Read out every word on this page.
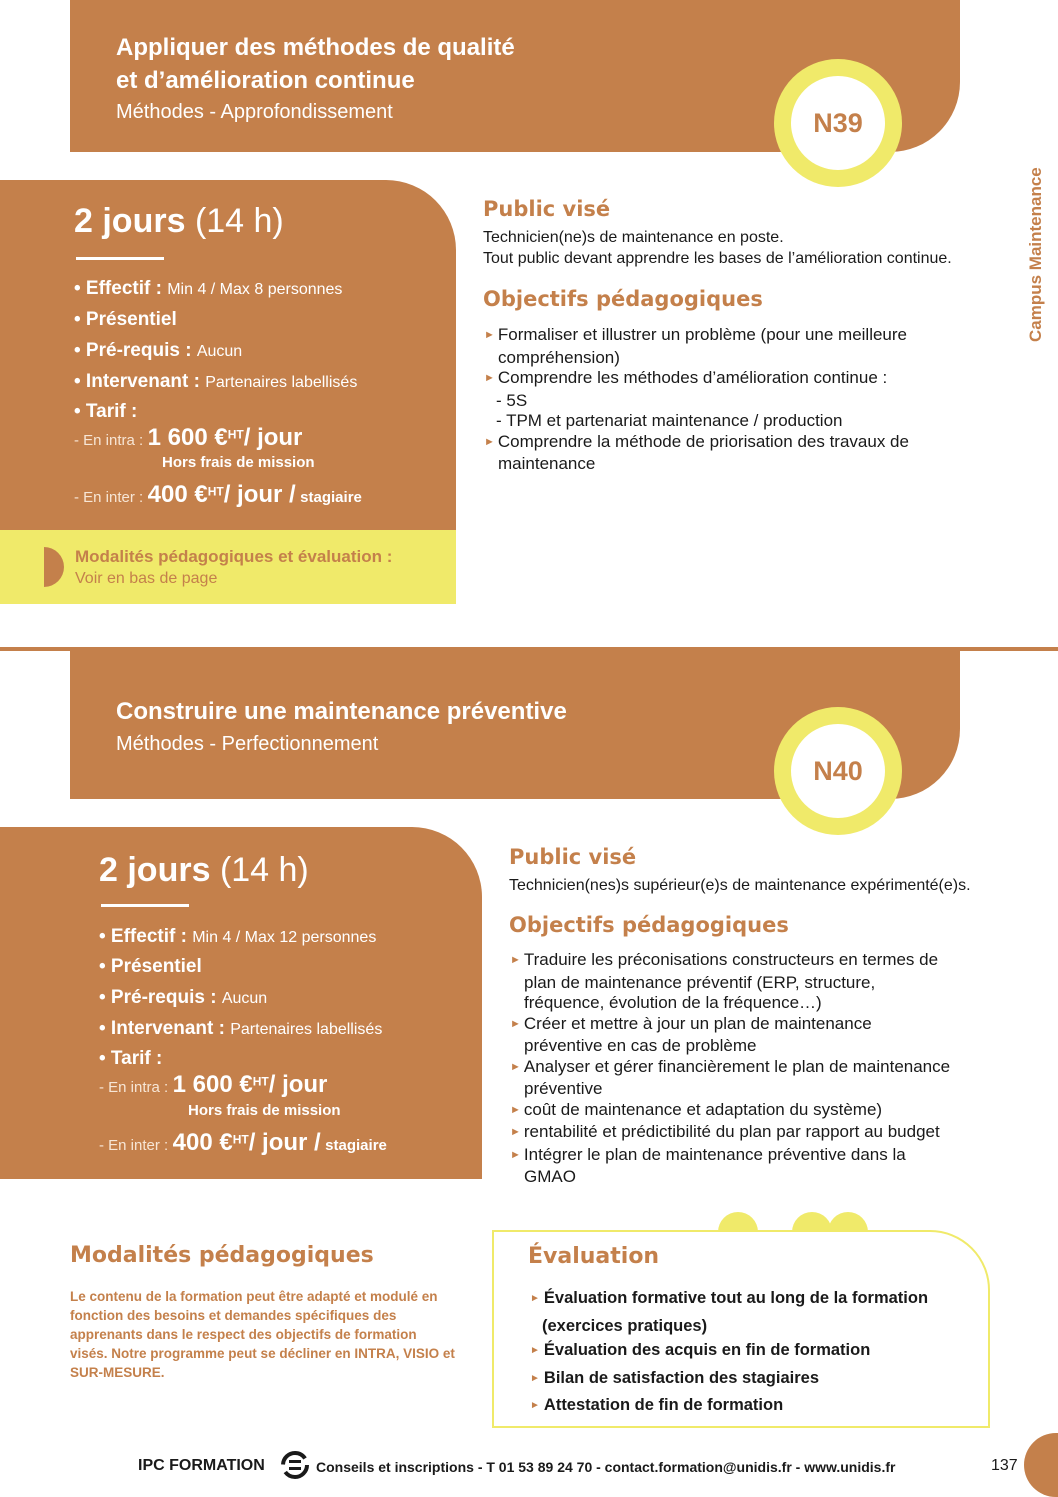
Appliquer des méthodes de qualité
et d’amélioration continue
Méthodes - Approfondissement	N39
Campus Maintenance
2 jours (14 h)
• Effectif : Min 4 / Max 8 personnes
• Présentiel
• Pré-requis : Aucun
• Intervenant : Partenaires labellisés
• Tarif :
- En intra : 1 600 €$^{HT}$/ jour
Hors frais de mission
- En inter : 400 €$^{HT}$/ jour / stagiaire
Modalités pédagogiques et évaluation :
Voir en bas de page
Public visé
Technicien(ne)s de maintenance en poste.
Tout public devant apprendre les bases de l’amélioration continue.
Objectifs pédagogiques
► Formaliser et illustrer un problème (pour une meilleure
compréhension)
► Comprendre les méthodes d’amélioration continue :
- 5S
- TPM et partenariat maintenance / production
► Comprendre la méthode de priorisation des travaux de
maintenance
Construire une maintenance préventive
Méthodes - Perfectionnement
N40
2 jours (14 h)
• Effectif : Min 4 / Max 12 personnes
• Présentiel
• Pré-requis : Aucun
• Intervenant : Partenaires labellisés
• Tarif :
- En intra : 1 600 €$^{HT}$/ jour
Hors frais de mission
- En inter : 400 €$^{HT}$/ jour / stagiaire
Public visé
Technicien(nes)s supérieur(e)s de maintenance expérimenté(e)s.
Objectifs pédagogiques
► Traduire les préconisations constructeurs en termes de
plan de maintenance préventif (ERP, structure,
fréquence, évolution de la fréquence…)
► Créer et mettre à jour un plan de maintenance
préventive en cas de problème
► Analyser et gérer financièrement le plan de maintenance
préventive
► coût de maintenance et adaptation du système)
► rentabilité et prédictibilité du plan par rapport au budget
► Intégrer le plan de maintenance préventive dans la
GMAO
Modalités pédagogiques
Le contenu de la formation peut être adapté et modulé en fonction des besoins et demandes spécifiques des apprenants dans le respect des objectifs de formation visés. Notre programme peut se décliner en INTRA, VISIO et SUR-MESURE.
Évaluation
► Évaluation formative tout au long de la formation
(exercices pratiques)
► Évaluation des acquis en fin de formation
► Bilan de satisfaction des stagiaires
► Attestation de fin de formation
IPC FORMATION	Conseils et inscriptions - T 01 53 89 24 70 - contact.formation@unidis.fr - www.unidis.fr	137
